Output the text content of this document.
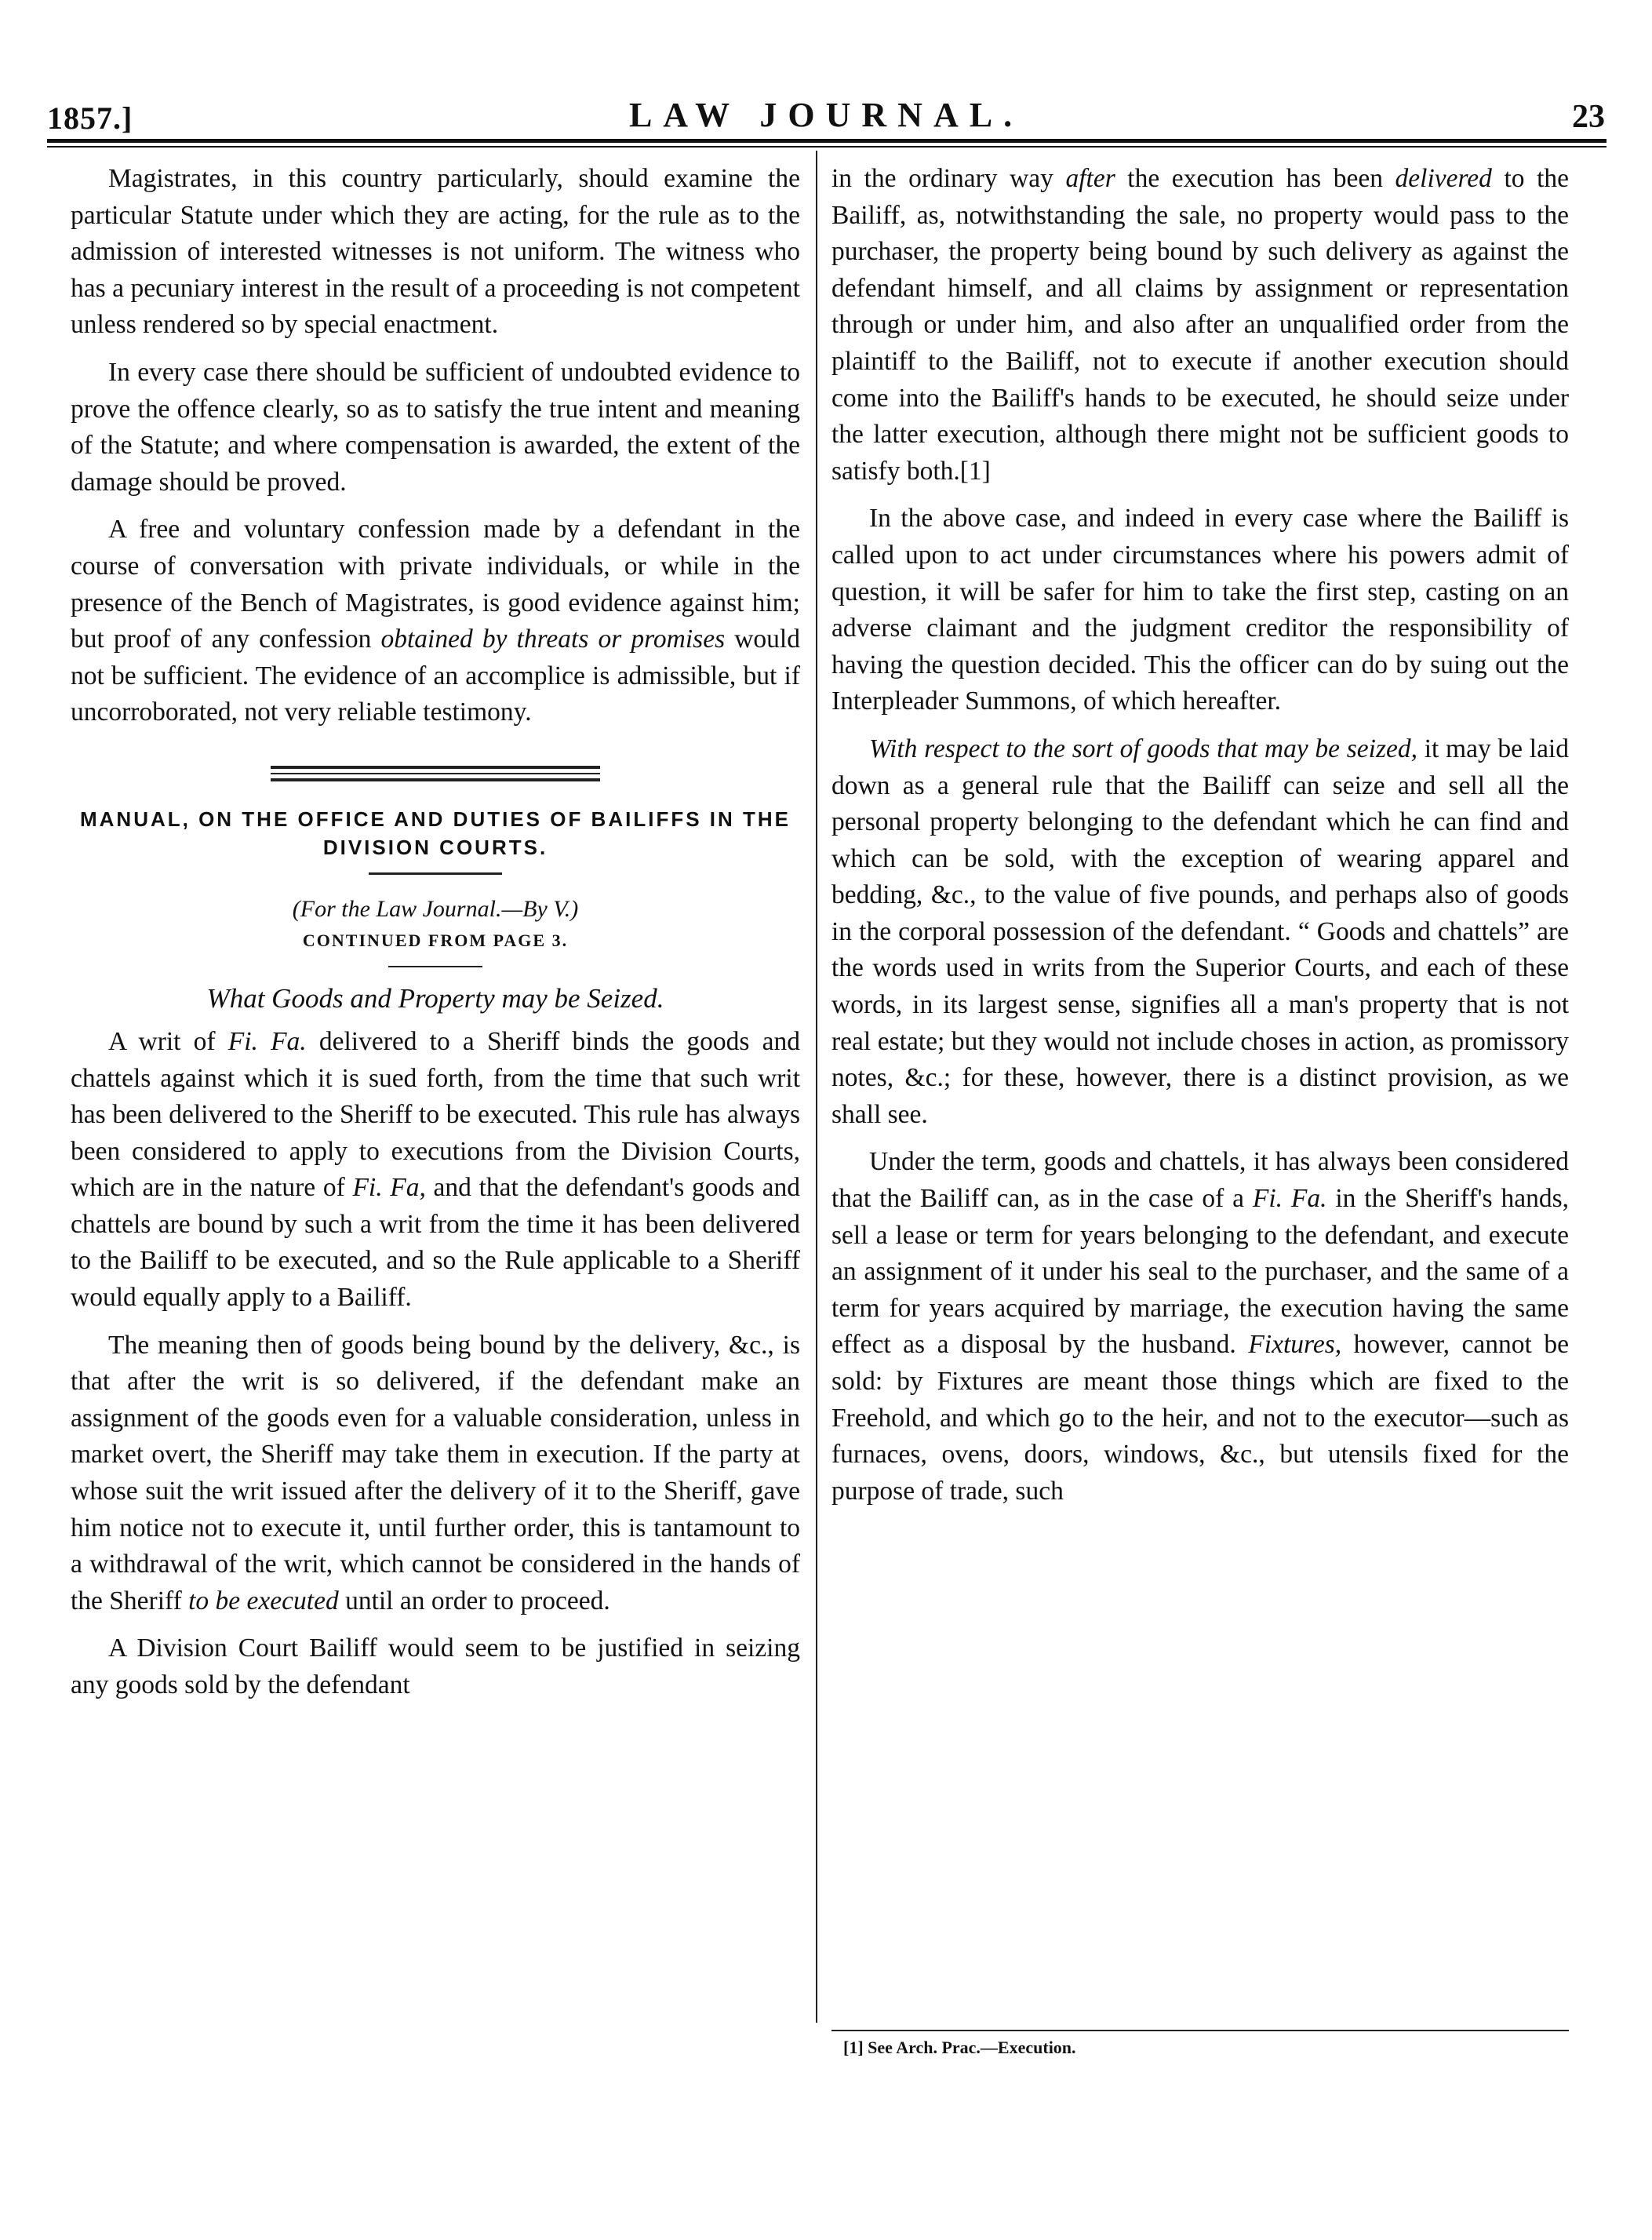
1857.]	LAW JOURNAL.	23

Magistrates, in this country particularly, should examine the particular Statute under which they are acting, for the rule as to the admission of interested witnesses is not uniform. The witness who has a pecuniary interest in the result of a proceeding is not competent unless rendered so by special enactment.

In every case there should be sufficient of undoubted evidence to prove the offence clearly, so as to satisfy the true intent and meaning of the Statute; and where compensation is awarded, the extent of the damage should be proved.

A free and voluntary confession made by a defendant in the course of conversation with private individuals, or while in the presence of the Bench of Magistrates, is good evidence against him; but proof of any confession obtained by threats or promises would not be sufficient. The evidence of an accomplice is admissible, but if uncorroborated, not very reliable testimony.

MANUAL, ON THE OFFICE AND DUTIES OF BAILIFFS IN THE DIVISION COURTS.

(For the Law Journal.—By V.)

CONTINUED FROM PAGE 3.

What Goods and Property may be Seized.

A writ of Fi. Fa. delivered to a Sheriff binds the goods and chattels against which it is sued forth, from the time that such writ has been delivered to the Sheriff to be executed. This rule has always been considered to apply to executions from the Division Courts, which are in the nature of Fi. Fa, and that the defendant's goods and chattels are bound by such a writ from the time it has been delivered to the Bailiff to be executed, and so the Rule applicable to a Sheriff would equally apply to a Bailiff.

The meaning then of goods being bound by the delivery, &c., is that after the writ is so delivered, if the defendant make an assignment of the goods even for a valuable consideration, unless in market overt, the Sheriff may take them in execution. If the party at whose suit the writ issued after the delivery of it to the Sheriff, gave him notice not to execute it, until further order, this is tantamount to a withdrawal of the writ, which cannot be considered in the hands of the Sheriff to be executed until an order to proceed.

A Division Court Bailiff would seem to be justified in seizing any goods sold by the defendant

in the ordinary way after the execution has been delivered to the Bailiff, as, notwithstanding the sale, no property would pass to the purchaser, the property being bound by such delivery as against the defendant himself, and all claims by assignment or representation through or under him, and also after an unqualified order from the plaintiff to the Bailiff, not to execute if another execution should come into the Bailiff's hands to be executed, he should seize under the latter execution, although there might not be sufficient goods to satisfy both.[1]

In the above case, and indeed in every case where the Bailiff is called upon to act under circumstances where his powers admit of question, it will be safer for him to take the first step, casting on an adverse claimant and the judgment creditor the responsibility of having the question decided. This the officer can do by suing out the Interpleader Summons, of which hereafter.

With respect to the sort of goods that may be seized, it may be laid down as a general rule that the Bailiff can seize and sell all the personal property belonging to the defendant which he can find and which can be sold, with the exception of wearing apparel and bedding, &c., to the value of five pounds, and perhaps also of goods in the corporal possession of the defendant. “ Goods and chattels” are the words used in writs from the Superior Courts, and each of these words, in its largest sense, signifies all a man's property that is not real estate; but they would not include choses in action, as promissory notes, &c.; for these, however, there is a distinct provision, as we shall see.

Under the term, goods and chattels, it has always been considered that the Bailiff can, as in the case of a Fi. Fa. in the Sheriff's hands, sell a lease or term for years belonging to the defendant, and execute an assignment of it under his seal to the purchaser, and the same of a term for years acquired by marriage, the execution having the same effect as a disposal by the husband. Fixtures, however, cannot be sold: by Fixtures are meant those things which are fixed to the Freehold, and which go to the heir, and not to the executor—such as furnaces, ovens, doors, windows, &c., but utensils fixed for the purpose of trade, such

[1] See Arch. Prac.—Execution.
